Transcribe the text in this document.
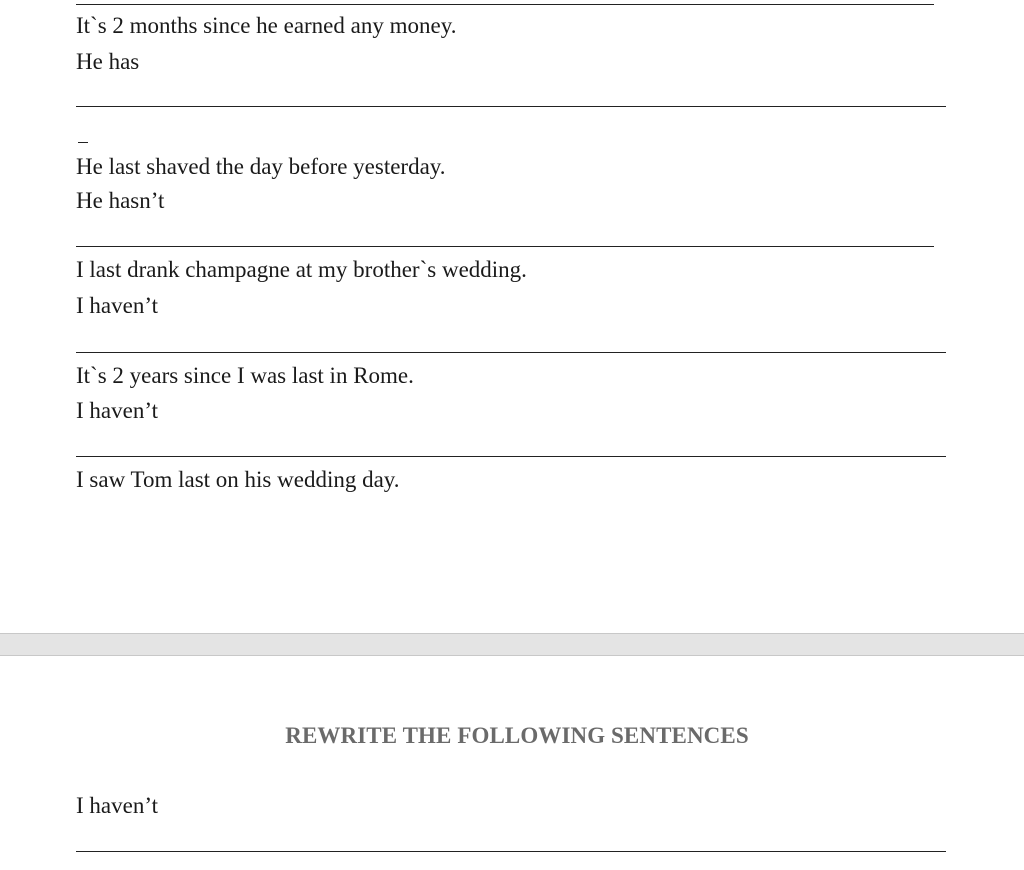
It`s 2 months since he earned any money.
He has
He last shaved the day before yesterday.
He hasn’t
I last drank champagne at my brother`s wedding.
I haven’t
It`s 2 years since I was last in Rome.
I haven’t
I saw Tom last on his wedding day.
REWRITE THE FOLLOWING SENTENCES
I haven’t
